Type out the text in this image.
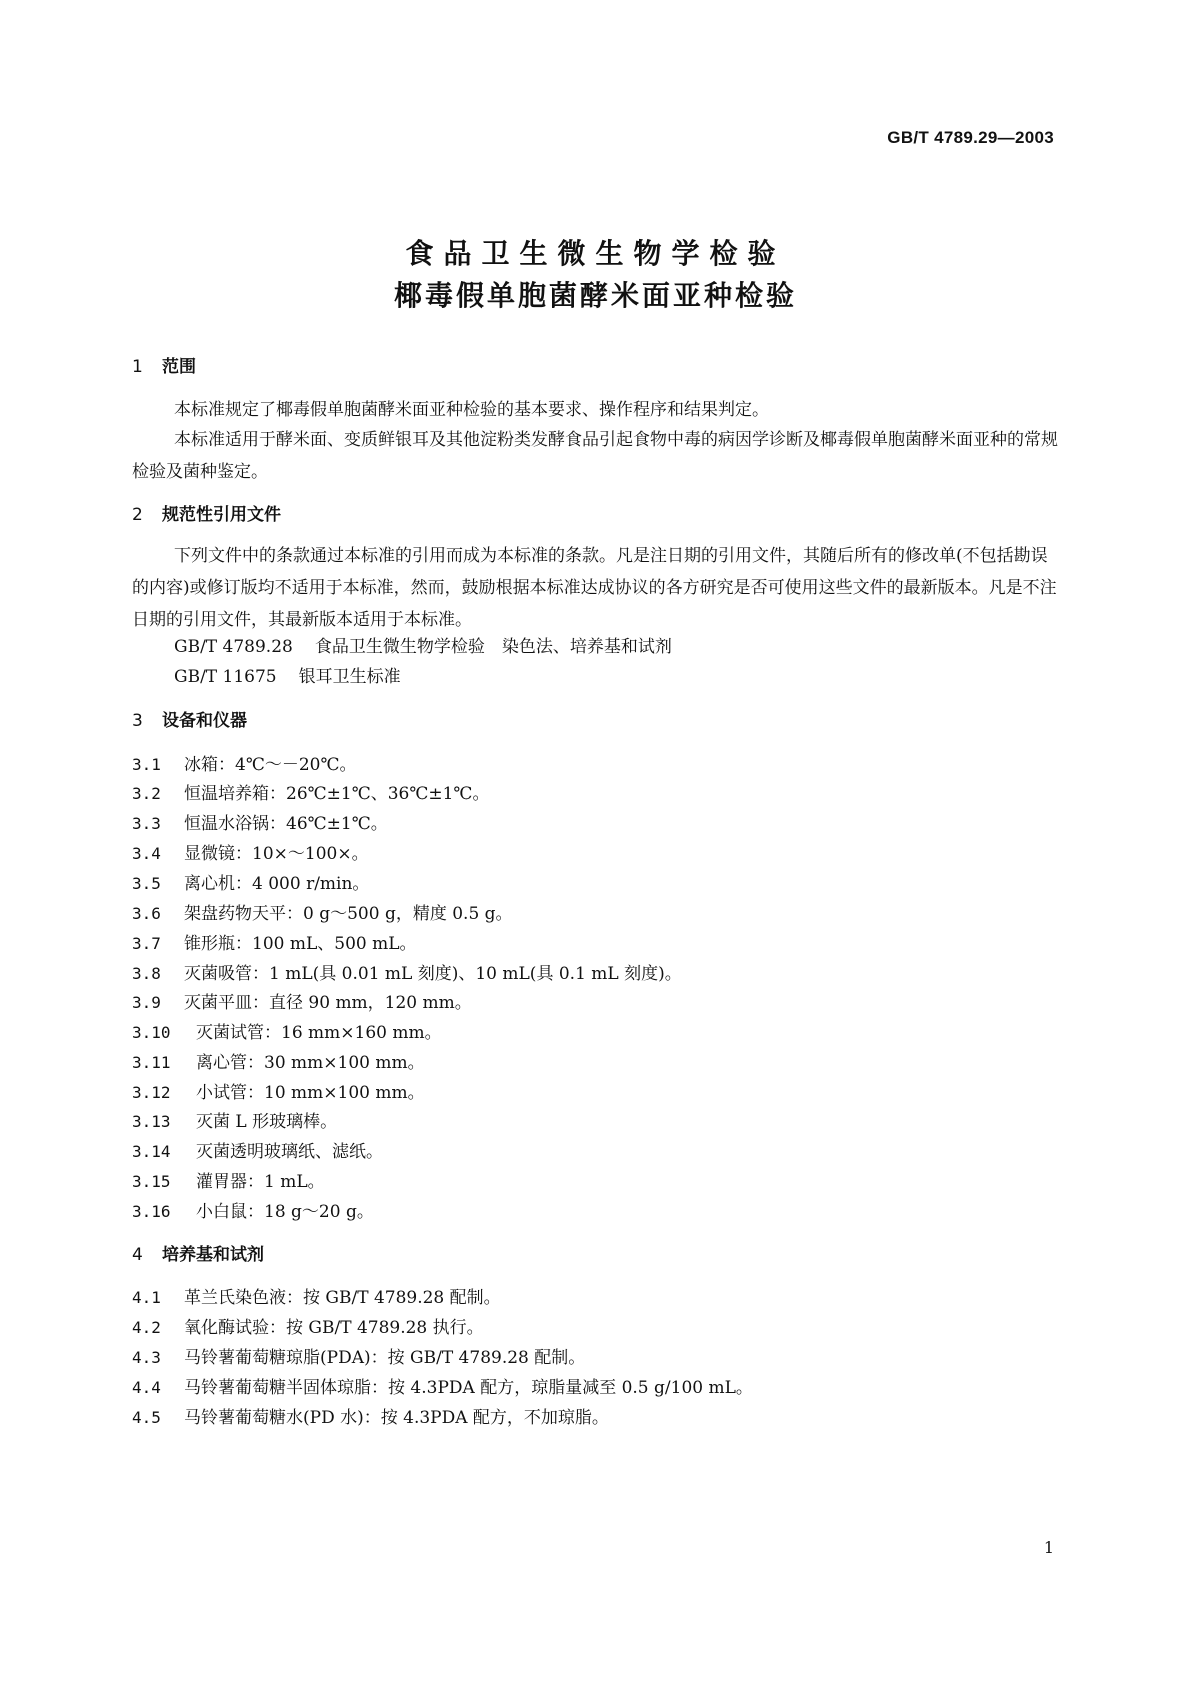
GB/T 4789.29—2003
食品卫生微生物学检验
椰毒假单胞菌酵米面亚种检验
1 范围
本标准规定了椰毒假单胞菌酵米面亚种检验的基本要求、操作程序和结果判定。
本标准适用于酵米面、变质鲜银耳及其他淀粉类发酵食品引起食物中毒的病因学诊断及椰毒假单胞菌酵米面亚种的常规检验及菌种鉴定。
2 规范性引用文件
下列文件中的条款通过本标准的引用而成为本标准的条款。凡是注日期的引用文件，其随后所有的修改单(不包括勘误的内容)或修订版均不适用于本标准，然而，鼓励根据本标准达成协议的各方研究是否可使用这些文件的最新版本。凡是不注日期的引用文件，其最新版本适用于本标准。
GB/T 4789.28 食品卫生微生物学检验　染色法、培养基和试剂
GB/T 11675 银耳卫生标准
3 设备和仪器
3.1 冰箱：4℃～－20℃。
3.2 恒温培养箱：26℃±1℃、36℃±1℃。
3.3 恒温水浴锅：46℃±1℃。
3.4 显微镜：10×～100×。
3.5 离心机：4 000 r/min。
3.6 架盘药物天平：0 g～500 g，精度 0.5 g。
3.7 锥形瓶：100 mL、500 mL。
3.8 灭菌吸管：1 mL(具 0.01 mL 刻度)、10 mL(具 0.1 mL 刻度)。
3.9 灭菌平皿：直径 90 mm，120 mm。
3.10 灭菌试管：16 mm×160 mm。
3.11 离心管：30 mm×100 mm。
3.12 小试管：10 mm×100 mm。
3.13 灭菌 L 形玻璃棒。
3.14 灭菌透明玻璃纸、滤纸。
3.15 灌胃器：1 mL。
3.16 小白鼠：18 g～20 g。
4 培养基和试剂
4.1 革兰氏染色液：按 GB/T 4789.28 配制。
4.2 氧化酶试验：按 GB/T 4789.28 执行。
4.3 马铃薯葡萄糖琼脂(PDA)：按 GB/T 4789.28 配制。
4.4 马铃薯葡萄糖半固体琼脂：按 4.3PDA 配方，琼脂量减至 0.5 g/100 mL。
4.5 马铃薯葡萄糖水(PD 水)：按 4.3PDA 配方，不加琼脂。
1
